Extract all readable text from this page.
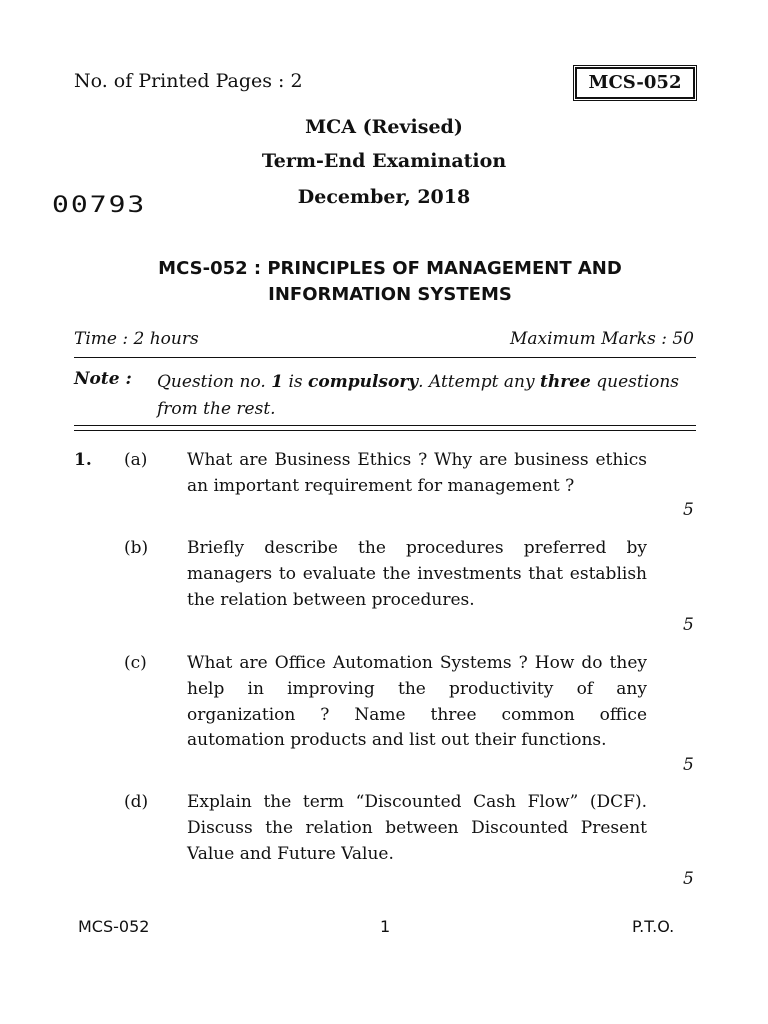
No. of Printed Pages : 2	MCS-052
MCA (Revised)
Term-End Examination
December, 2018
00793
MCS-052 : PRINCIPLES OF MANAGEMENT AND
INFORMATION SYSTEMS
Time : 2 hours	Maximum Marks : 50
Note : Question no. 1 is compulsory. Attempt any three questions from the rest.
1. (a) What are Business Ethics ? Why are business ethics an important requirement for management ?
5
(b) Briefly describe the procedures preferred by managers to evaluate the investments that establish the relation between procedures.
5
(c) What are Office Automation Systems ? How do they help in improving the productivity of any organization ? Name three common office automation products and list out their functions.
5
(d) Explain the term “Discounted Cash Flow” (DCF). Discuss the relation between Discounted Present Value and Future Value.
5
MCS-052	1	P.T.O.
